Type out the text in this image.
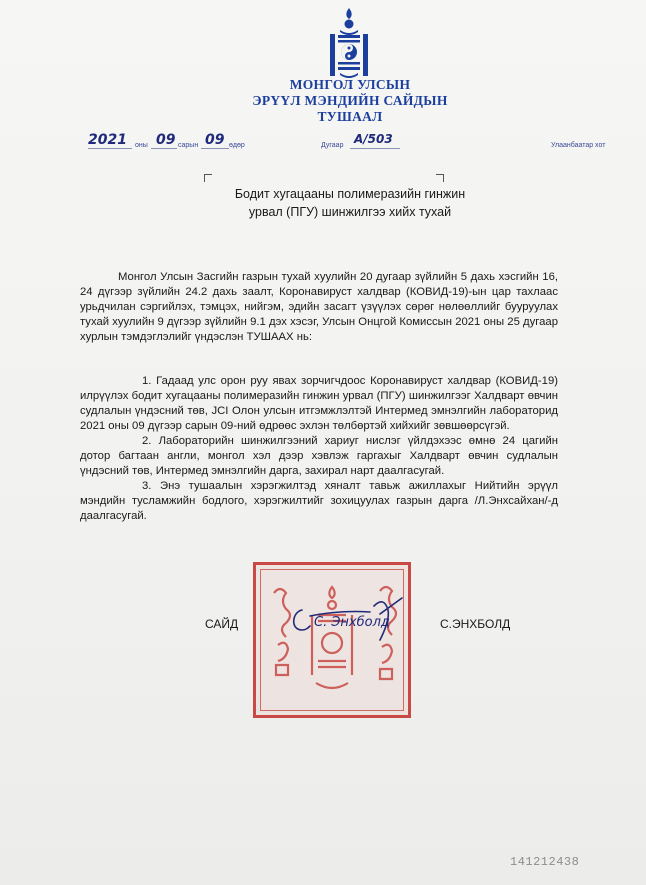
МОНГОЛ УЛСЫН
ЭРҮҮЛ МЭНДИЙН САЙДЫН
ТУШААЛ
2021 оны 09 сарын 09 өдөр	Дугаар А/503	Улаанбаатар хот
Бодит хугацааны полимеразийн гинжин
урвал (ПГУ) шинжилгээ хийх тухай

Монгол Улсын Засгийн газрын тухай хуулийн 20 дугаар зүйлийн 5 дахь хэсгийн 16, 24 дүгээр зүйлийн 24.2 дахь заалт, Коронавируст халдвар (КОВИД-19)-ын цар тахлаас урьдчилан сэргийлэх, тэмцэх, нийгэм, эдийн засагт үзүүлэх сөрөг нөлөөллийг бууруулах тухай хуулийн 9 дүгээр зүйлийн 9.1 дэх хэсэг, Улсын Онцгой Комиссын 2021 оны 25 дугаар хурлын тэмдэглэлийг үндэслэн ТУШААХ нь:

1. Гадаад улс орон руу явах зорчигчдоос Коронавируст халдвар (КОВИД-19) илрүүлэх бодит хугацааны полимеразийн гинжин урвал (ПГУ) шинжилгээг Халдварт өвчин судлалын үндэсний төв, JCI Олон улсын итгэмжлэлтэй Интермед эмнэлгийн лабораторид 2021 оны 09 дүгээр сарын 09-ний өдрөөс эхлэн төлбөртэй хийхийг зөвшөөрсүгэй.

2. Лабораторийн шинжилгээний хариуг нислэг үйлдэхээс өмнө 24 цагийн дотор багтаан англи, монгол хэл дээр хэвлэж гаргахыг Халдварт өвчин судлалын үндэсний төв, Интермед эмнэлгийн дарга, захирал нарт даалгасугай.

3. Энэ тушаалын хэрэгжилтэд хяналт тавьж ажиллахыг Нийтийн эрүүл мэндийн тусламжийн бодлого, хэрэгжилтийг зохицуулах газрын дарга /Л.Энхсайхан/-д даалгасугай.

САЙД	С. Энхболд	С.ЭНХБОЛД
141212438
